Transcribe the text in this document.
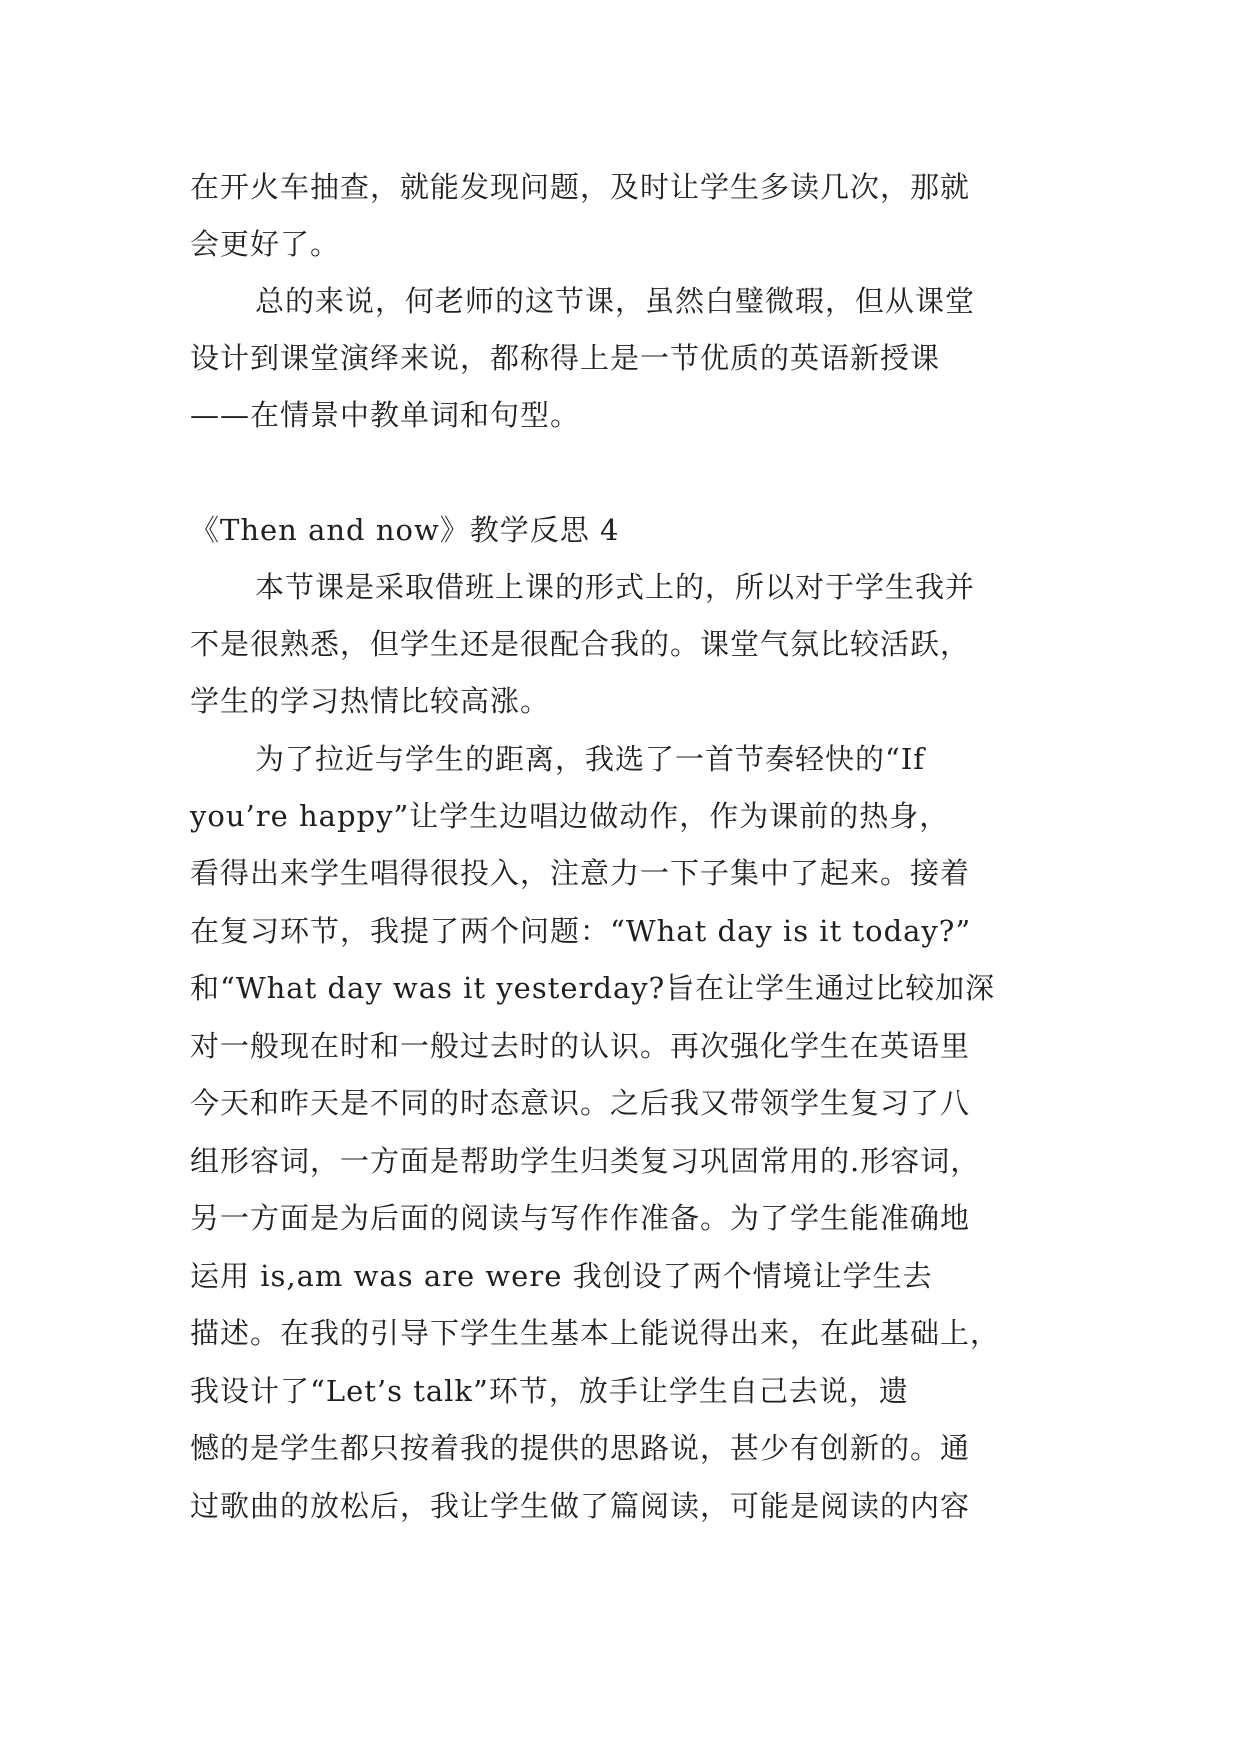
在开火车抽查，就能发现问题，及时让学生多读几次，那就
会更好了。
总的来说，何老师的这节课，虽然白璧微瑕，但从课堂
设计到课堂演绎来说，都称得上是一节优质的英语新授课
——在情景中教单词和句型。
《Then and now》教学反思 4
本节课是采取借班上课的形式上的，所以对于学生我并
不是很熟悉，但学生还是很配合我的。课堂气氛比较活跃，
学生的学习热情比较高涨。
为了拉近与学生的距离，我选了一首节奏轻快的“If
you’re happy”让学生边唱边做动作，作为课前的热身，
看得出来学生唱得很投入，注意力一下子集中了起来。接着
在复习环节，我提了两个问题：“What day is it today?”
和“What day was it yesterday?旨在让学生通过比较加深
对一般现在时和一般过去时的认识。再次强化学生在英语里
今天和昨天是不同的时态意识。之后我又带领学生复习了八
组形容词，一方面是帮助学生归类复习巩固常用的.形容词，
另一方面是为后面的阅读与写作作准备。为了学生能准确地
运用 is,am was are were 我创设了两个情境让学生去
描述。在我的引导下学生生基本上能说得出来，在此基础上，
我设计了“Let’s talk”环节，放手让学生自己去说，遗
憾的是学生都只按着我的提供的思路说，甚少有创新的。通
过歌曲的放松后，我让学生做了篇阅读，可能是阅读的内容
